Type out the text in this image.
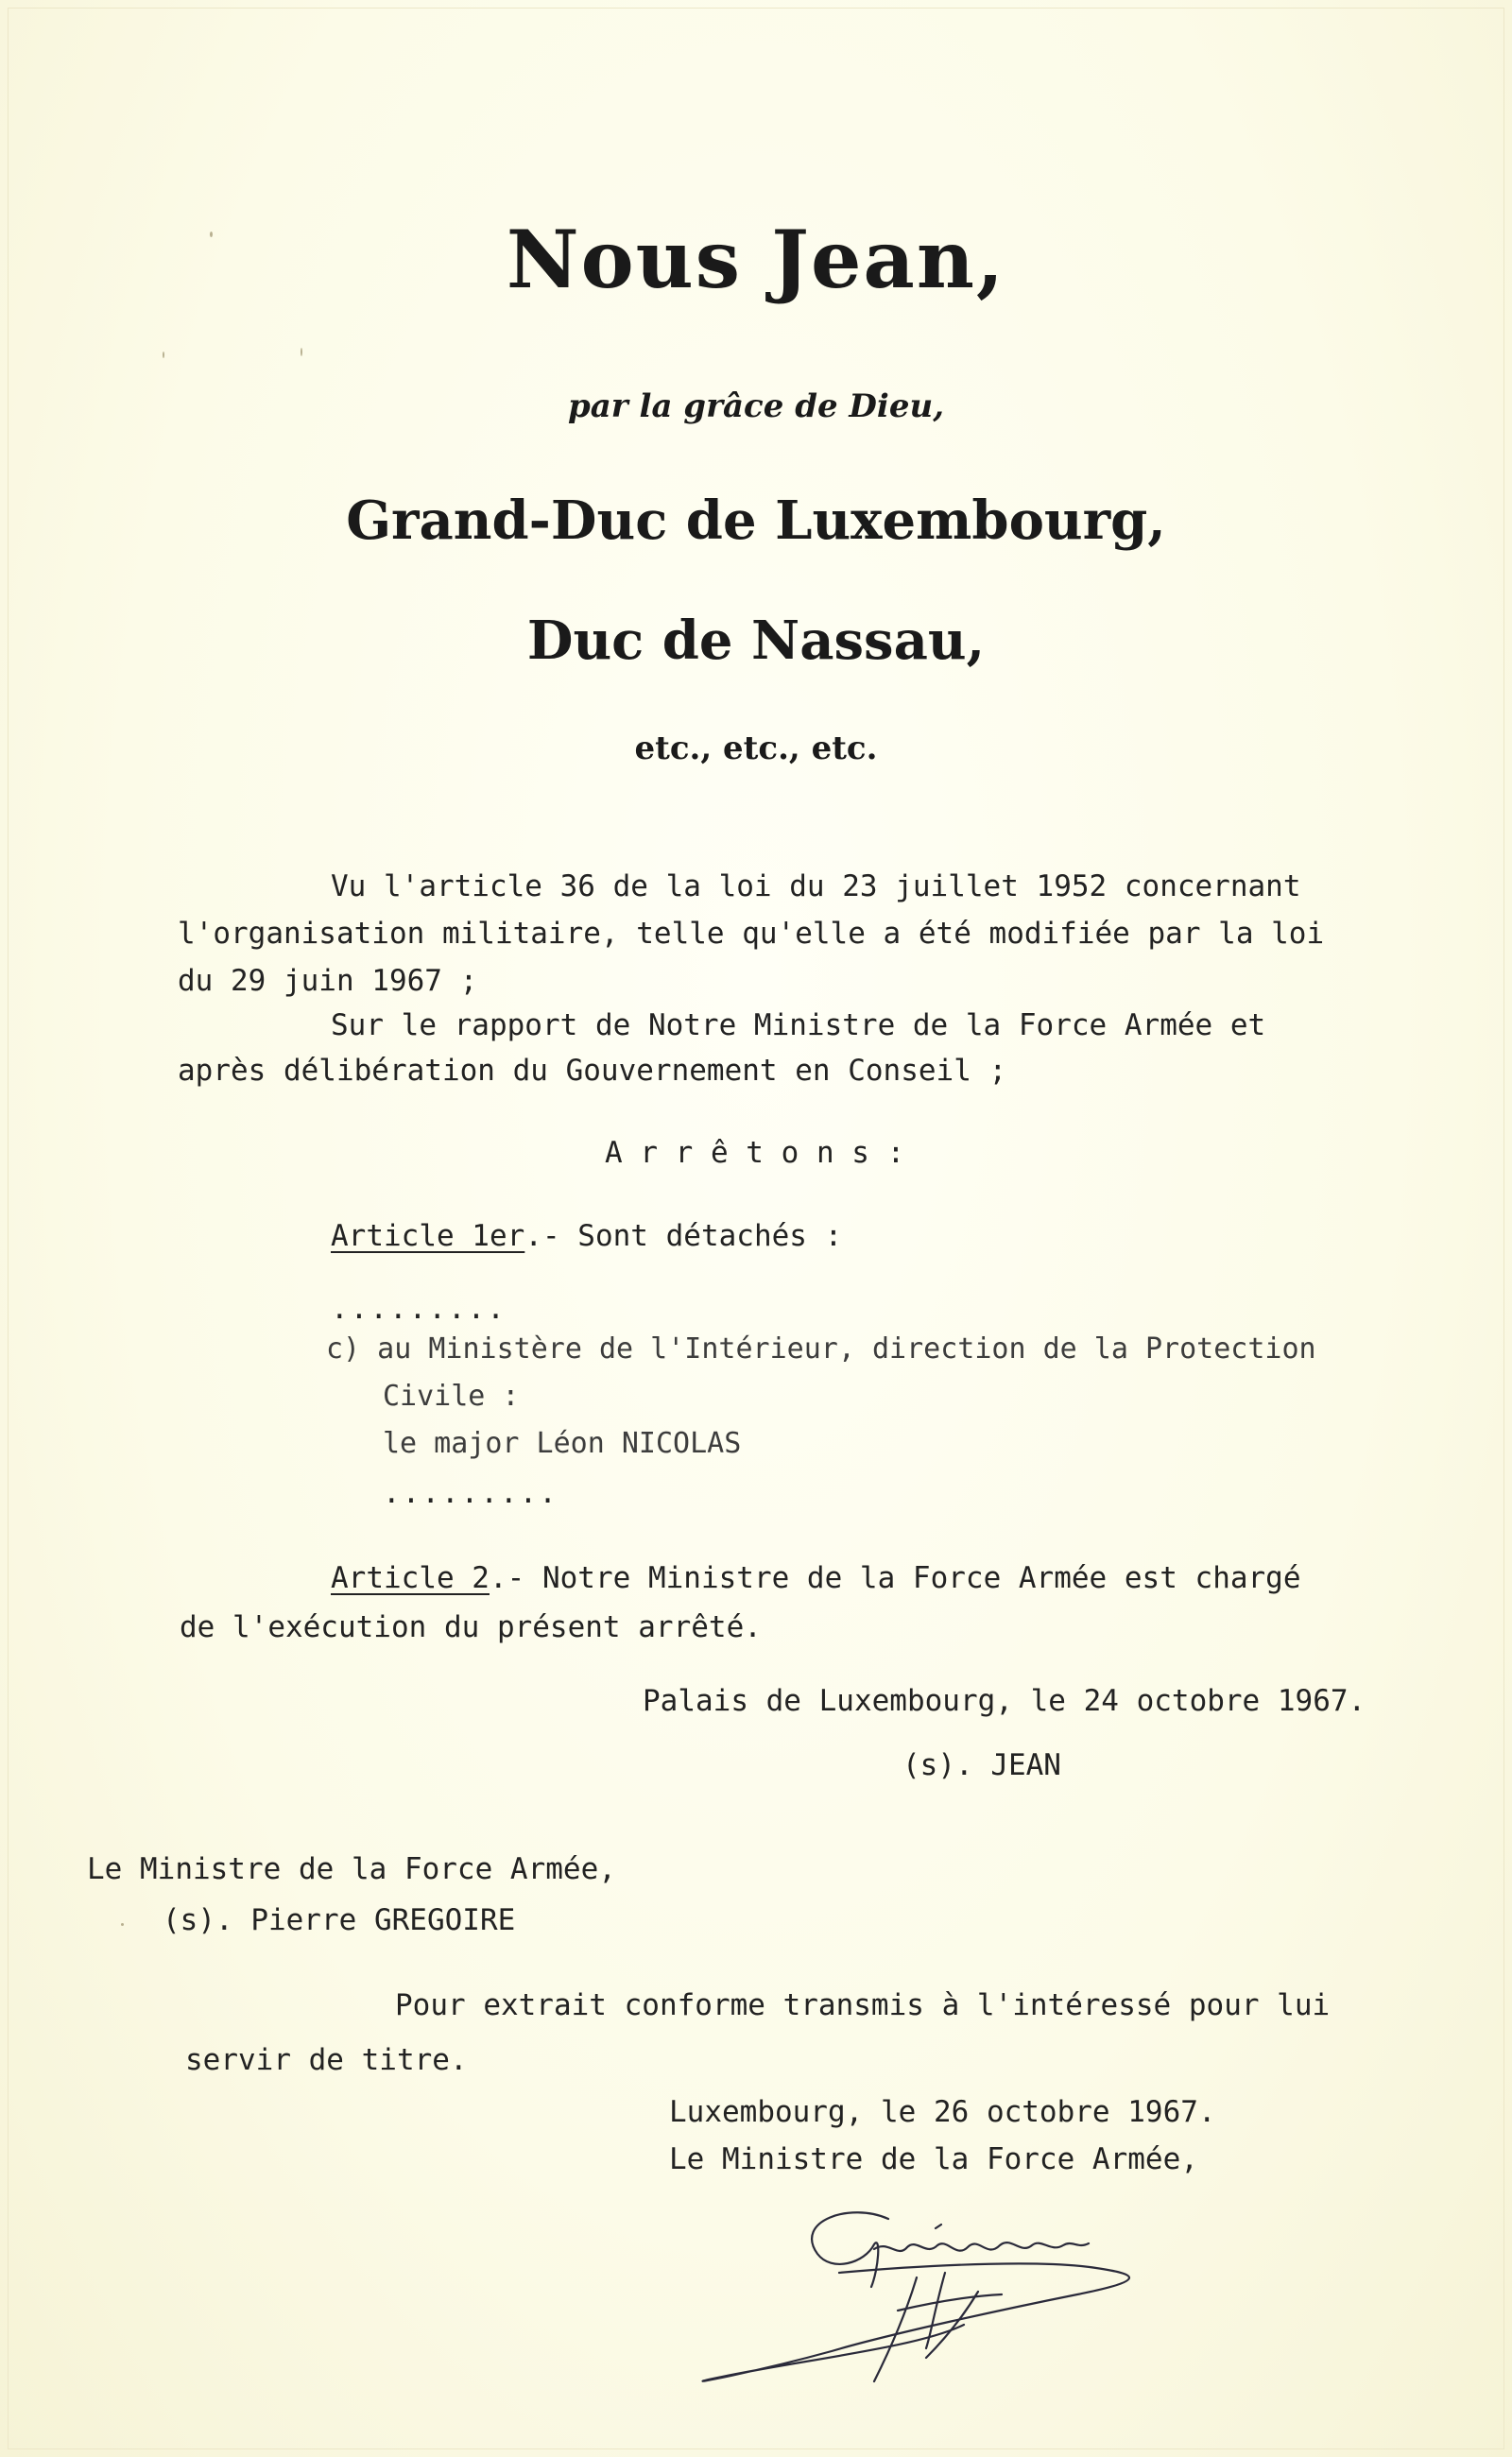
Nous Jean,
par la grâce de Dieu,
Grand-Duc de Luxembourg,
Duc de Nassau,
etc., etc., etc.
Vu l'article 36 de la loi du 23 juillet 1952 concernant
l'organisation militaire, telle qu'elle a été modifiée par la loi
du 29 juin 1967 ;
Sur le rapport de Notre Ministre de la Force Armée et
après délibération du Gouvernement en Conseil ;
A r r ê t o n s :
Article 1er.- Sont détachés :
.........
c) au Ministère de l'Intérieur, direction de la Protection
Civile :
le major Léon NICOLAS
.........
Article 2.- Notre Ministre de la Force Armée est chargé
de l'exécution du présent arrêté.
Palais de Luxembourg, le 24 octobre 1967.
(s). JEAN
Le Ministre de la Force Armée,
(s). Pierre GREGOIRE
Pour extrait conforme transmis à l'intéressé pour lui
servir de titre.
Luxembourg, le 26 octobre 1967.
Le Ministre de la Force Armée,
